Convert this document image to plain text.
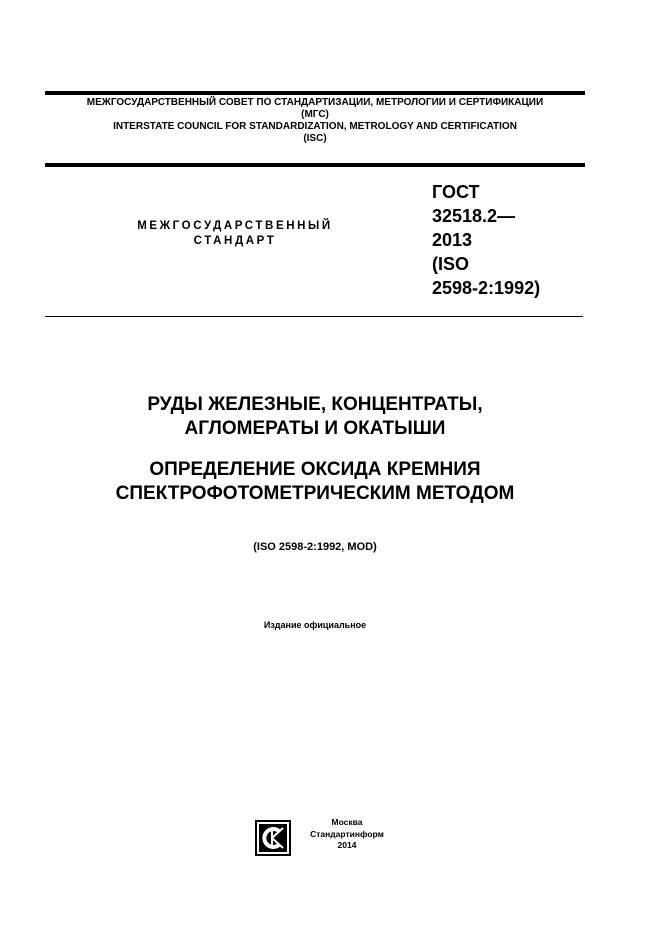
МЕЖГОСУДАРСТВЕННЫЙ СОВЕТ ПО СТАНДАРТИЗАЦИИ, МЕТРОЛОГИИ И СЕРТИФИКАЦИИ
(МГС)
INTERSTATE COUNCIL FOR STANDARDIZATION, METROLOGY AND CERTIFICATION
(ISC)
МЕЖГОСУДАРСТВЕННЫЙ
СТАНДАРТ
ГОСТ
32518.2—
2013
(ISO
2598-2:1992)
РУДЫ ЖЕЛЕЗНЫЕ, КОНЦЕНТРАТЫ,
АГЛОМЕРАТЫ И ОКАТЫШИ
ОПРЕДЕЛЕНИЕ ОКСИДА КРЕМНИЯ
СПЕКТРОФОТОМЕТРИЧЕСКИМ МЕТОДОМ
(ISO 2598-2:1992, MOD)
Издание официальное
Москва
Стандартинформ
2014
